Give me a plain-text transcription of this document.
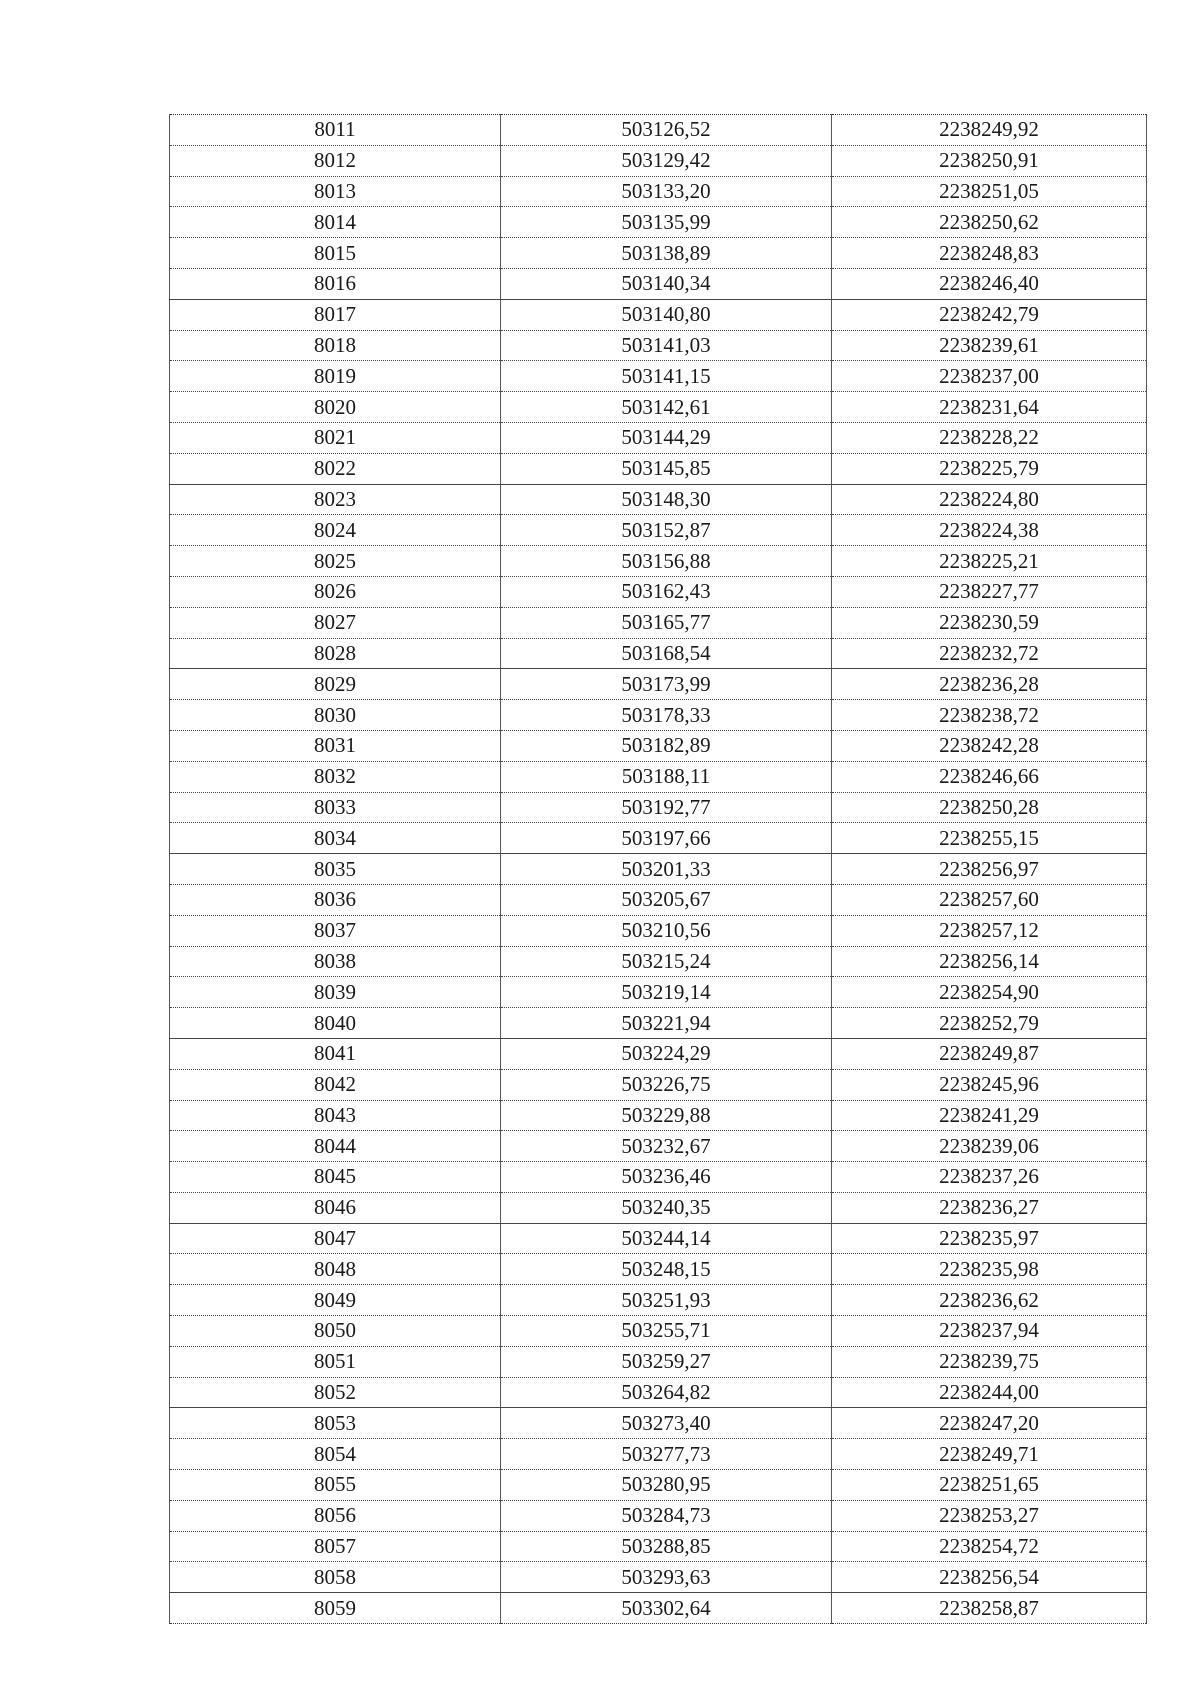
8011	503126,52	2238249,92
8012	503129,42	2238250,91
8013	503133,20	2238251,05
8014	503135,99	2238250,62
8015	503138,89	2238248,83
8016	503140,34	2238246,40
8017	503140,80	2238242,79
8018	503141,03	2238239,61
8019	503141,15	2238237,00
8020	503142,61	2238231,64
8021	503144,29	2238228,22
8022	503145,85	2238225,79
8023	503148,30	2238224,80
8024	503152,87	2238224,38
8025	503156,88	2238225,21
8026	503162,43	2238227,77
8027	503165,77	2238230,59
8028	503168,54	2238232,72
8029	503173,99	2238236,28
8030	503178,33	2238238,72
8031	503182,89	2238242,28
8032	503188,11	2238246,66
8033	503192,77	2238250,28
8034	503197,66	2238255,15
8035	503201,33	2238256,97
8036	503205,67	2238257,60
8037	503210,56	2238257,12
8038	503215,24	2238256,14
8039	503219,14	2238254,90
8040	503221,94	2238252,79
8041	503224,29	2238249,87
8042	503226,75	2238245,96
8043	503229,88	2238241,29
8044	503232,67	2238239,06
8045	503236,46	2238237,26
8046	503240,35	2238236,27
8047	503244,14	2238235,97
8048	503248,15	2238235,98
8049	503251,93	2238236,62
8050	503255,71	2238237,94
8051	503259,27	2238239,75
8052	503264,82	2238244,00
8053	503273,40	2238247,20
8054	503277,73	2238249,71
8055	503280,95	2238251,65
8056	503284,73	2238253,27
8057	503288,85	2238254,72
8058	503293,63	2238256,54
8059	503302,64	2238258,87
